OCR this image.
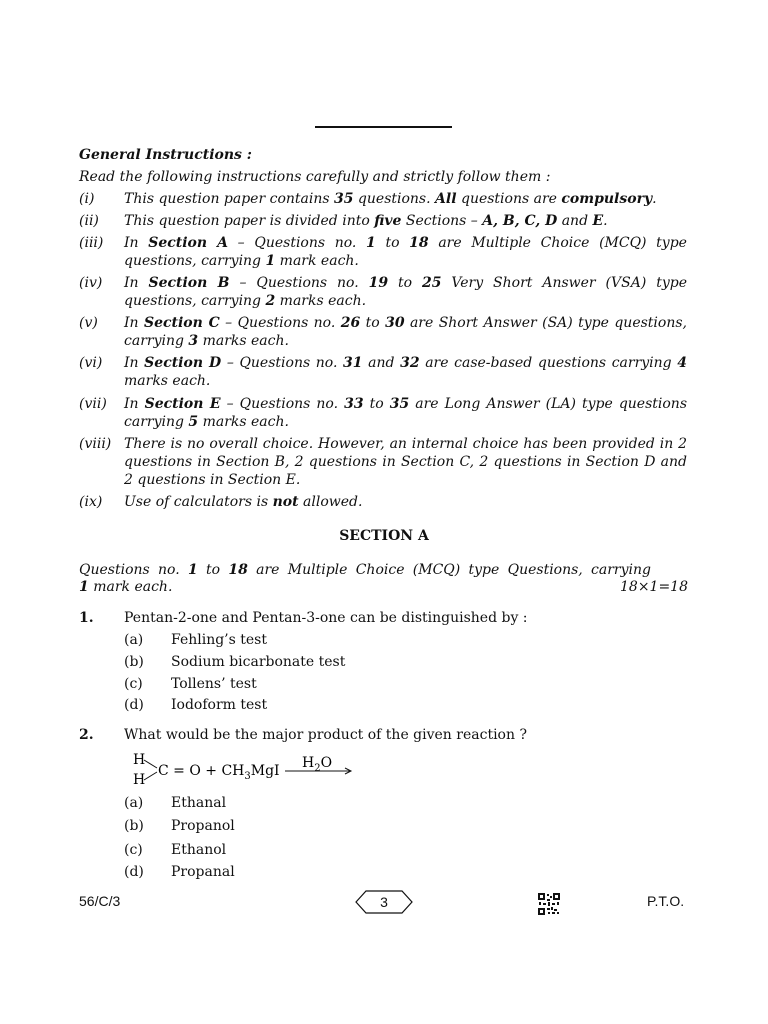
General Instructions :
Read the following instructions carefully and strictly follow them :
(i) This question paper contains 35 questions. All questions are compulsory.
(ii) This question paper is divided into five Sections – A, B, C, D and E.
(iii) In Section A – Questions no. 1 to 18 are Multiple Choice (MCQ) type questions, carrying 1 mark each.
(iv) In Section B – Questions no. 19 to 25 Very Short Answer (VSA) type questions, carrying 2 marks each.
(v) In Section C – Questions no. 26 to 30 are Short Answer (SA) type questions, carrying 3 marks each.
(vi) In Section D – Questions no. 31 and 32 are case-based questions carrying 4 marks each.
(vii) In Section E – Questions no. 33 to 35 are Long Answer (LA) type questions carrying 5 marks each.
(viii) There is no overall choice. However, an internal choice has been provided in 2 questions in Section B, 2 questions in Section C, 2 questions in Section D and 2 questions in Section E.
(ix) Use of calculators is not allowed.
SECTION A
Questions no. 1 to 18 are Multiple Choice (MCQ) type Questions, carrying
1 mark each.	18×1=18
1. Pentan-2-one and Pentan-3-one can be distinguished by :
(a) Fehling’s test
(b) Sodium bicarbonate test
(c) Tollens’ test
(d) Iodoform test
2. What would be the major product of the given reaction ?
H
H
$C = O + CH_3MgI$ $H_2O$
(a) Ethanal
(b) Propanol
(c) Ethanol
(d) Propanal
56/C/3	3	P.T.O.
